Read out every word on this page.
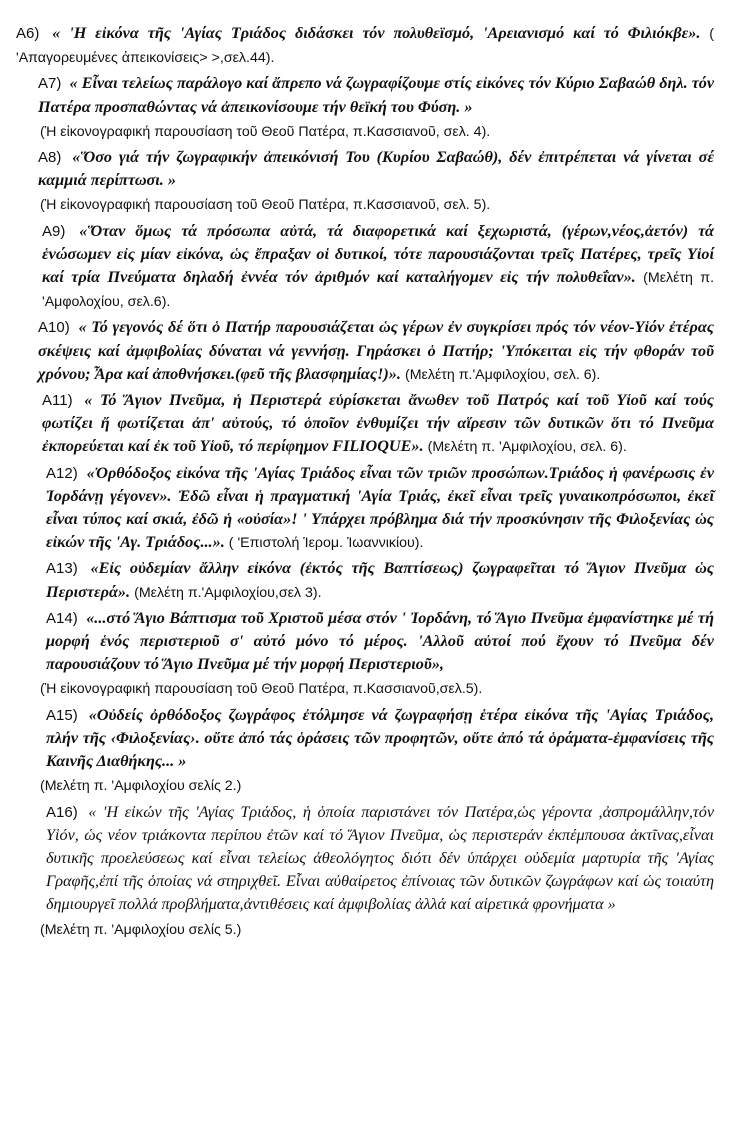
A6) « 'Η εἰκόνα τῆς 'Αγίας Τριάδος διδάσκει τόν πολυθεϊσμό, 'Αρειανισμό καί τό Φιλιόκβε». ( 'Απαγορευμένες ἀπεικονίσεις> >,σελ.44).

A7) « Εἶναι τελείως παράλογο καί ἄπρεπο νά ζωγραφίζουμε στίς εἰκόνες τόν Κύριο Σαβαώθ δηλ. τόν Πατέρα προσπαθώντας νά ἀπεικονίσουμε τήν θεϊκή του Φύση. »

(Ἡ εἰκονογραφική παρουσίαση τοῦ Θεοῦ Πατέρα, π.Κασσιανοῦ, σελ. 4).

A8) «Ὅσο γιά τήν ζωγραφικήν ἀπεικόνισή Του (Κυρίου Σαβαώθ), δέν ἐπιτρέπεται νά γίνεται σέ καμμιά περίπτωσι. »

(Ἡ εἰκονογραφική παρουσίαση τοῦ Θεοῦ Πατέρα, π.Κασσιανοῦ, σελ. 5).

A9) «Ὅταν ὅμως τά πρόσωπα αὐτά, τά διαφορετικά καί ξεχωριστά, (γέρων,νέος,ἀετόν) τά ἑνώσωμεν εἰς μίαν εἰκόνα, ὡς ἔπραξαν οἱ δυτικοί, τότε παρουσιάζονται τρεῖς Πατέρες, τρεῖς Υἱοί καί τρία Πνεύματα δηλαδή ἐννέα τόν ἀριθμόν καί καταλήγομεν εἰς τήν πολυθεΐαν». (Μελέτη π. 'Αμφολοχίου, σελ.6).

A10) « Τό γεγονός δέ ὅτι ὁ Πατήρ παρουσιάζεται ὡς γέρων ἐν συγκρίσει πρός τόν νέον-Υἱόν ἐτέρας σκέψεις καί ἀμφιβολίας δύναται νά γεννήσῃ. Γηράσκει ὁ Πατήρ; 'Υπόκειται εἰς τήν φθοράν τοῦ χρόνου; Ἆρα καί ἀποθνήσκει.(φεῦ τῆς βλασφημίας!)». (Μελέτη π.'Αμφιλοχίου, σελ. 6).

A11) « Τό Ἅγιον Πνεῦμα, ἡ Περιστερά εὑρίσκεται ἄνωθεν τοῦ Πατρός καί τοῦ Υἱοῦ καί τούς φωτίζει ἤ φωτίζεται ἀπ' αὐτούς, τό ὁποῖον ἐνθυμίζει τήν αἵρεσιν τῶν δυτικῶν ὅτι τό Πνεῦμα ἐκπορεύεται καί ἐκ τοῦ Υἱοῦ, τό περίφημον FILIOQUE». (Μελέτη π. 'Αμφιλοχίου, σελ. 6).

A12) «Ὀρθόδοξος εἰκόνα τῆς 'Αγίας Τριάδος εἶναι τῶν τριῶν προσώπων.Τριάδος ἡ φανέρωσις ἐν Ἰορδάνῃ γέγονεν». Ἐδῶ εἶναι ἡ πραγματική 'Αγία Τριάς, ἐκεῖ εἶναι τρεῖς γυναικοπρόσωποι, ἐκεῖ εἶναι τύπος καί σκιά, ἐδῶ ἡ «οὐσία»! ' Υπάρχει πρόβλημα διά τήν προσκύνησιν τῆς Φιλοξενίας ὡς εἰκών τῆς 'Αγ. Τριάδος...». ( 'Επιστολή Ἱερομ. Ἰωαννικίου).

A13) «Εἰς οὐδεμίαν ἄλλην εἰκόνα (ἐκτός τῆς Βαπτίσεως) ζωγραφεῖται τό Ἅγιον Πνεῦμα ὡς Περιστερά». (Μελέτη π.'Αμφιλοχίου,σελ 3).

A14) «...στό Ἅγιο Βάπτισμα τοῦ Χριστοῦ μέσα στόν ' Ἰορδάνη, τό Ἅγιο Πνεῦμα ἐμφανίστηκε μέ τή μορφή ἑνός περιστεριοῦ σ' αὐτό μόνο τό μέρος. 'Αλλοῦ αὐτοί πού ἔχουν τό Πνεῦμα δέν παρουσιάζουν τό Ἅγιο Πνεῦμα μέ τήν μορφή Περιστεριοῦ»,

(Ἡ εἰκονογραφική παρουσίαση τοῦ Θεοῦ Πατέρα, π.Κασσιανοῦ,σελ.5).

A15) «Οὐδείς ὀρθόδοξος ζωγράφος ἐτόλμησε νά ζωγραφήσῃ ἑτέρα εἰκόνα τῆς 'Αγίας Τριάδος, πλήν τῆς ‹Φιλοξενίας›. οὔτε ἀπό τάς ὁράσεις τῶν προφητῶν, οὔτε ἀπό τά ὁράματα-ἐμφανίσεις τῆς Καινῆς Διαθήκης... »

(Μελέτη π. 'Αμφιλοχίου σελίς 2.)

A16) « 'Η εἰκών τῆς 'Αγίας Τριάδος, ἡ ὁποία παριστάνει τόν Πατέρα,ὡς γέροντα ,ἀσπρομάλλην,τόν Υἱόν, ὡς νέον τριάκοντα περίπου ἐτῶν καί τό Ἅγιον Πνεῦμα, ὡς περιστεράν ἐκπέμπουσα ἀκτῖνας,εἶναι δυτικῆς προελεύσεως καί εἶναι τελείως ἀθεολόγητος διότι δέν ὑπάρχει οὐδεμία μαρτυρία τῆς 'Αγίας Γραφῆς,ἐπί τῆς ὁποίας νά στηριχθεῖ. Εἶναι αὐθαίρετος ἐπίνοιας τῶν δυτικῶν ζωγράφων καί ὡς τοιαύτη δημιουργεῖ πολλά προβλήματα,ἀντιθέσεις καί ἀμφιβολίας ἀλλά καί αἱρετικά φρονήματα »

(Μελέτη π. 'Αμφιλοχίου σελίς 5.)
